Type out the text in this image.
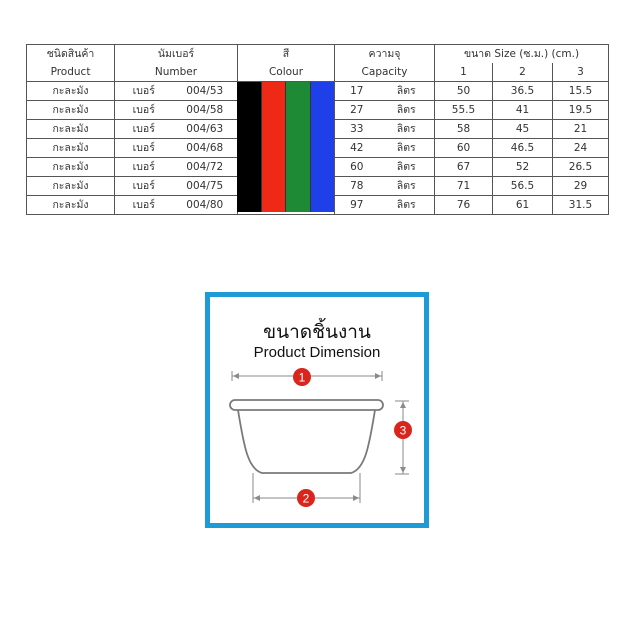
ชนิดสินค้า	นัมเบอร์		สี	ความจุ		ขนาด Size (ซ.ม.) (cm.)		
Product	Number		Colour	Capacity		1	2	3
กะละมัง	เบอร์	004/53		17	ลิตร	50	36.5	15.5
กะละมัง	เบอร์	004/58		27	ลิตร	55.5	41	19.5
กะละมัง	เบอร์	004/63		33	ลิตร	58	45	21
กะละมัง	เบอร์	004/68		42	ลิตร	60	46.5	24
กะละมัง	เบอร์	004/72		60	ลิตร	67	52	26.5
กะละมัง	เบอร์	004/75		78	ลิตร	71	56.5	29
กะละมัง	เบอร์	004/80		97	ลิตร	76	61	31.5
ขนาดชิ้นงาน
Product Dimension
1
3
2
